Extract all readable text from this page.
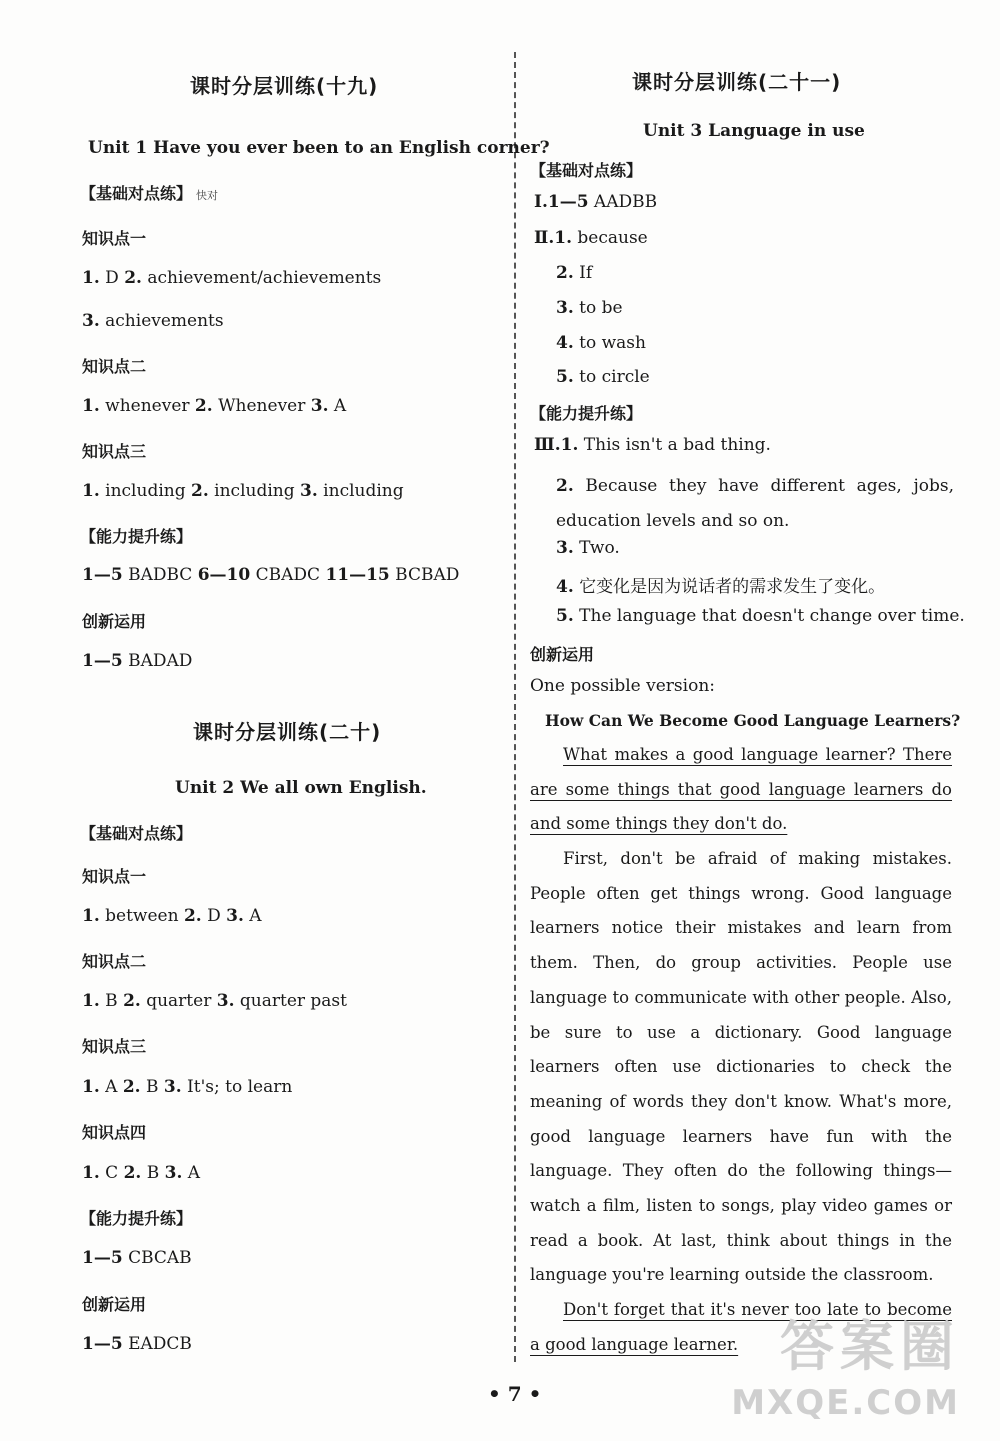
课时分层训练(十九)
Unit 1 Have you ever been to an English corner?
【基础对点练】 快对
知识点一
1. D 2. achievement/achievements
3. achievements
知识点二
1. whenever 2. Whenever 3. A
知识点三
1. including 2. including 3. including
【能力提升练】
1—5 BADBC 6—10 CBADC 11—15 BCBAD
创新运用
1—5 BADAD
课时分层训练(二十)
Unit 2 We all own English.
【基础对点练】
知识点一
1. between 2. D 3. A
知识点二
1. B 2. quarter 3. quarter past
知识点三
1. A 2. B 3. It's; to learn
知识点四
1. C 2. B 3. A
【能力提升练】
1—5 CBCAB
创新运用
1—5 EADCB
课时分层训练(二十一)
Unit 3 Language in use
【基础对点练】
Ⅰ.1—5 AADBB
Ⅱ.1. because
2. If
3. to be
4. to wash
5. to circle
【能力提升练】
Ⅲ.1. This isn't a bad thing.
2. Because they have different ages, jobs, education levels and so on.
3. Two.
4. 它变化是因为说话者的需求发生了变化。
5. The language that doesn't change over time.
创新运用
One possible version:
How Can We Become Good Language Learners?
What makes a good language learner? There are some things that good language learners do and some things they don't do.
First, don't be afraid of making mistakes. People often get things wrong. Good language learners notice their mistakes and learn from them. Then, do group activities. People use language to communicate with other people. Also, be sure to use a dictionary. Good language learners often use dictionaries to check the meaning of words they don't know. What's more, good language learners have fun with the language. They often do the following things—watch a film, listen to songs, play video games or read a book. At last, think about things in the language you're learning outside the classroom.
Don't forget that it's never too late to become a good language learner.
• 7 •
答案圈
MXQE.COM
